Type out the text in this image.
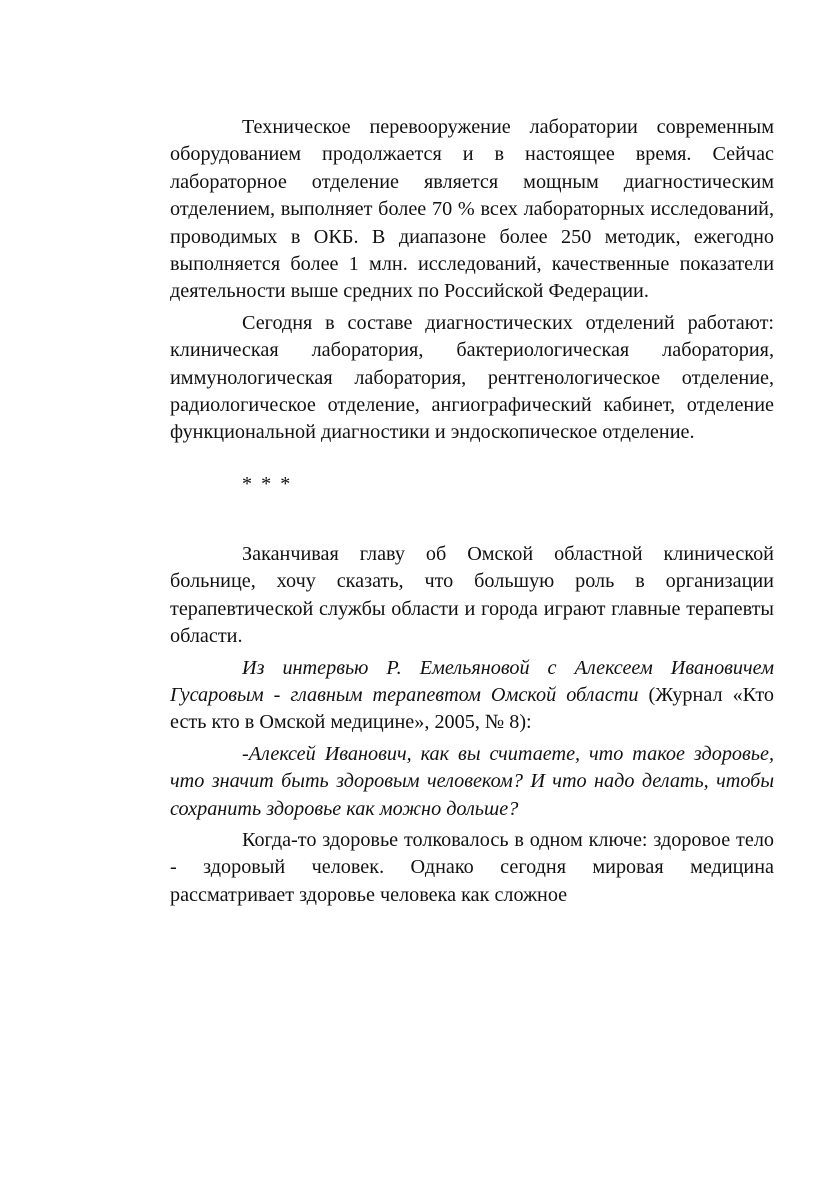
Техническое перевооружение лаборатории современным оборудованием продолжается и в настоящее время. Сейчас лабораторное отделение является мощным диагностическим отделением, выполняет более 70 % всех лабораторных исследований, проводимых в ОКБ. В диапазоне более 250 методик, ежегодно выполняется более 1 млн. исследований, качественные показатели деятельности выше средних по Российской Федерации.

Сегодня в составе диагностических отделений работают: клиническая лаборатория, бактериологическая лаборатория, иммунологическая лаборатория, рентгенологическое отделение, радиологическое отделение, ангиографический кабинет, отделение функциональной диагностики и эндоскопическое отделение.

* * *

Заканчивая главу об Омской областной клинической больнице, хочу сказать, что большую роль в организации терапевтической службы области и города играют главные терапевты области.

Из интервью Р. Емельяновой с Алексеем Ивановичем Гусаровым - главным терапевтом Омской области (Журнал «Кто есть кто в Омской медицине», 2005, № 8):

-Алексей Иванович, как вы считаете, что такое здоровье, что значит быть здоровым человеком? И что надо делать, чтобы сохранить здоровье как можно дольше?

Когда-то здоровье толковалось в одном ключе: здоровое тело - здоровый человек. Однако сегодня мировая медицина рассматривает здоровье человека как сложное
